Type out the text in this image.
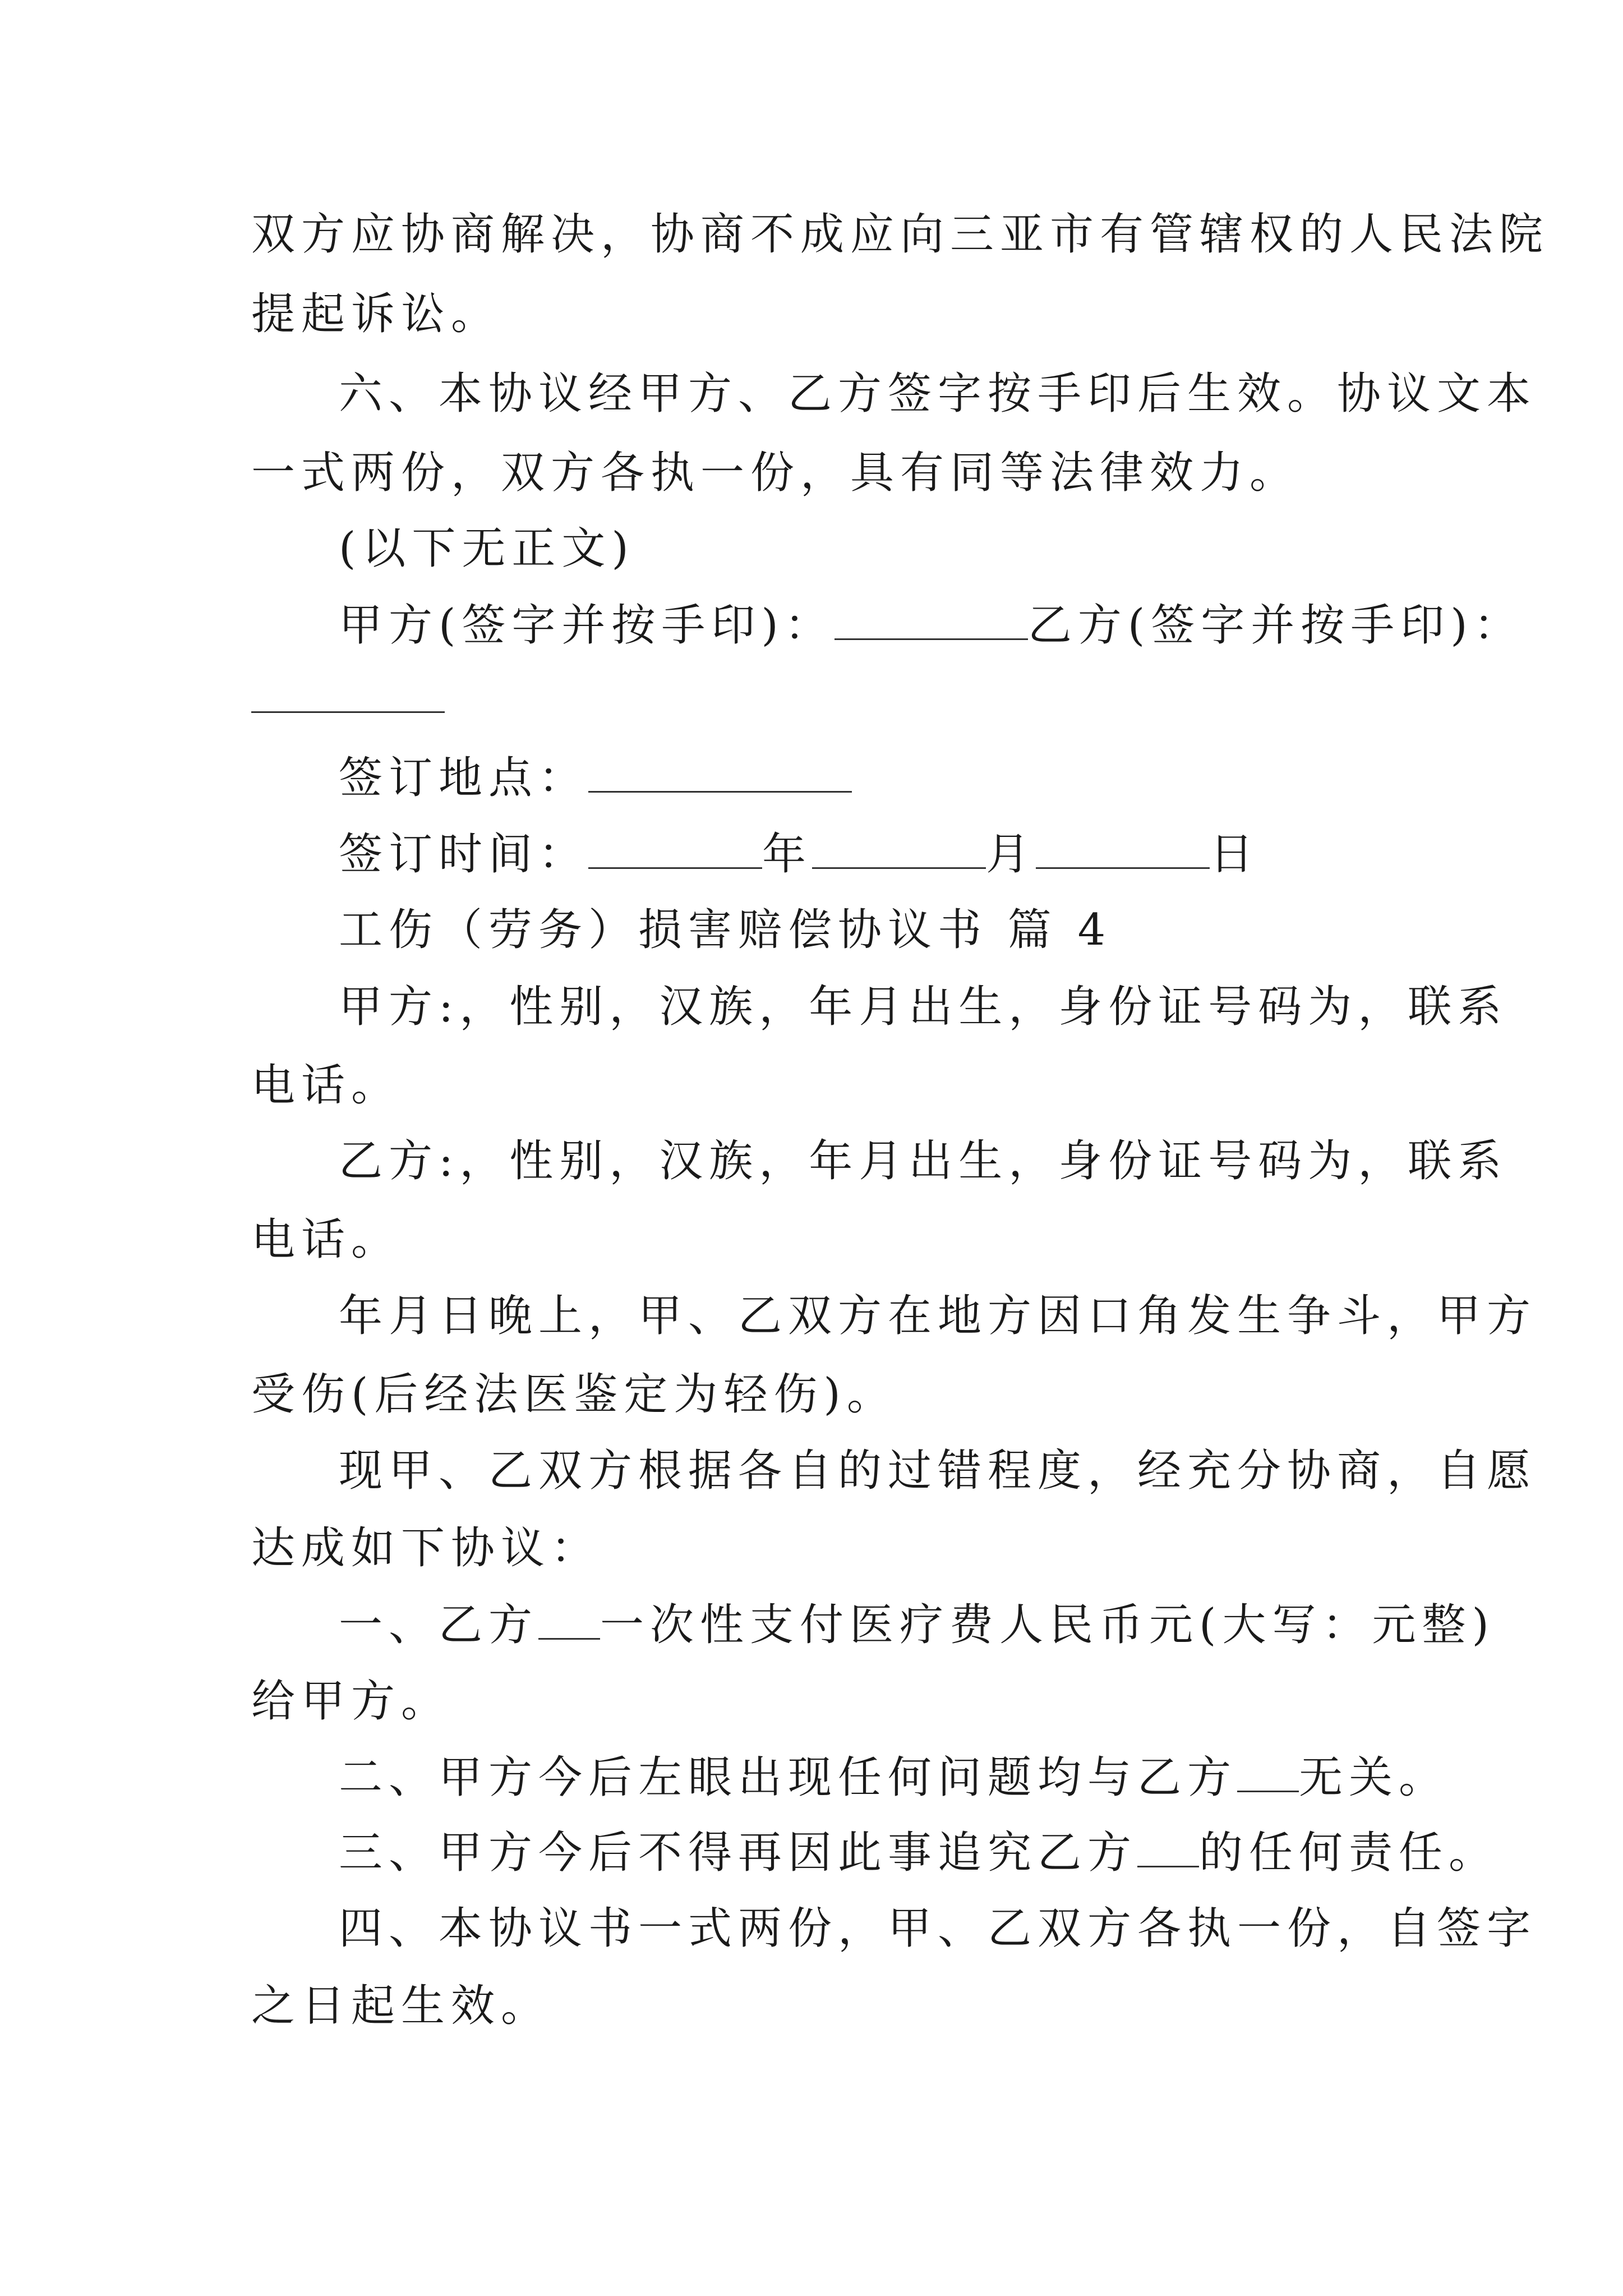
双方应协商解决，协商不成应向三亚市有管辖权的人民法院
提起诉讼。
六、本协议经甲方、乙方签字按手印后生效。协议文本
一式两份，双方各执一份，具有同等法律效力。
(以下无正文)
甲方(签字并按手印)：	乙方(签字并按手印)：
签订地点：
签订时间：	年	月	日
工伤（劳务）损害赔偿协议书 篇 4
甲方:，性别，汉族，年月出生，身份证号码为，联系
电话。
乙方:，性别，汉族，年月出生，身份证号码为，联系
电话。
年月日晚上，甲、乙双方在地方因口角发生争斗，甲方
受伤(后经法医鉴定为轻伤)。
现甲、乙双方根据各自的过错程度，经充分协商，自愿
达成如下协议：
一、乙方 一次性支付医疗费人民币元(大写：元整)
给甲方。
二、甲方今后左眼出现任何问题均与乙方 无关。
三、甲方今后不得再因此事追究乙方 的任何责任。
四、本协议书一式两份，甲、乙双方各执一份，自签字
之日起生效。
